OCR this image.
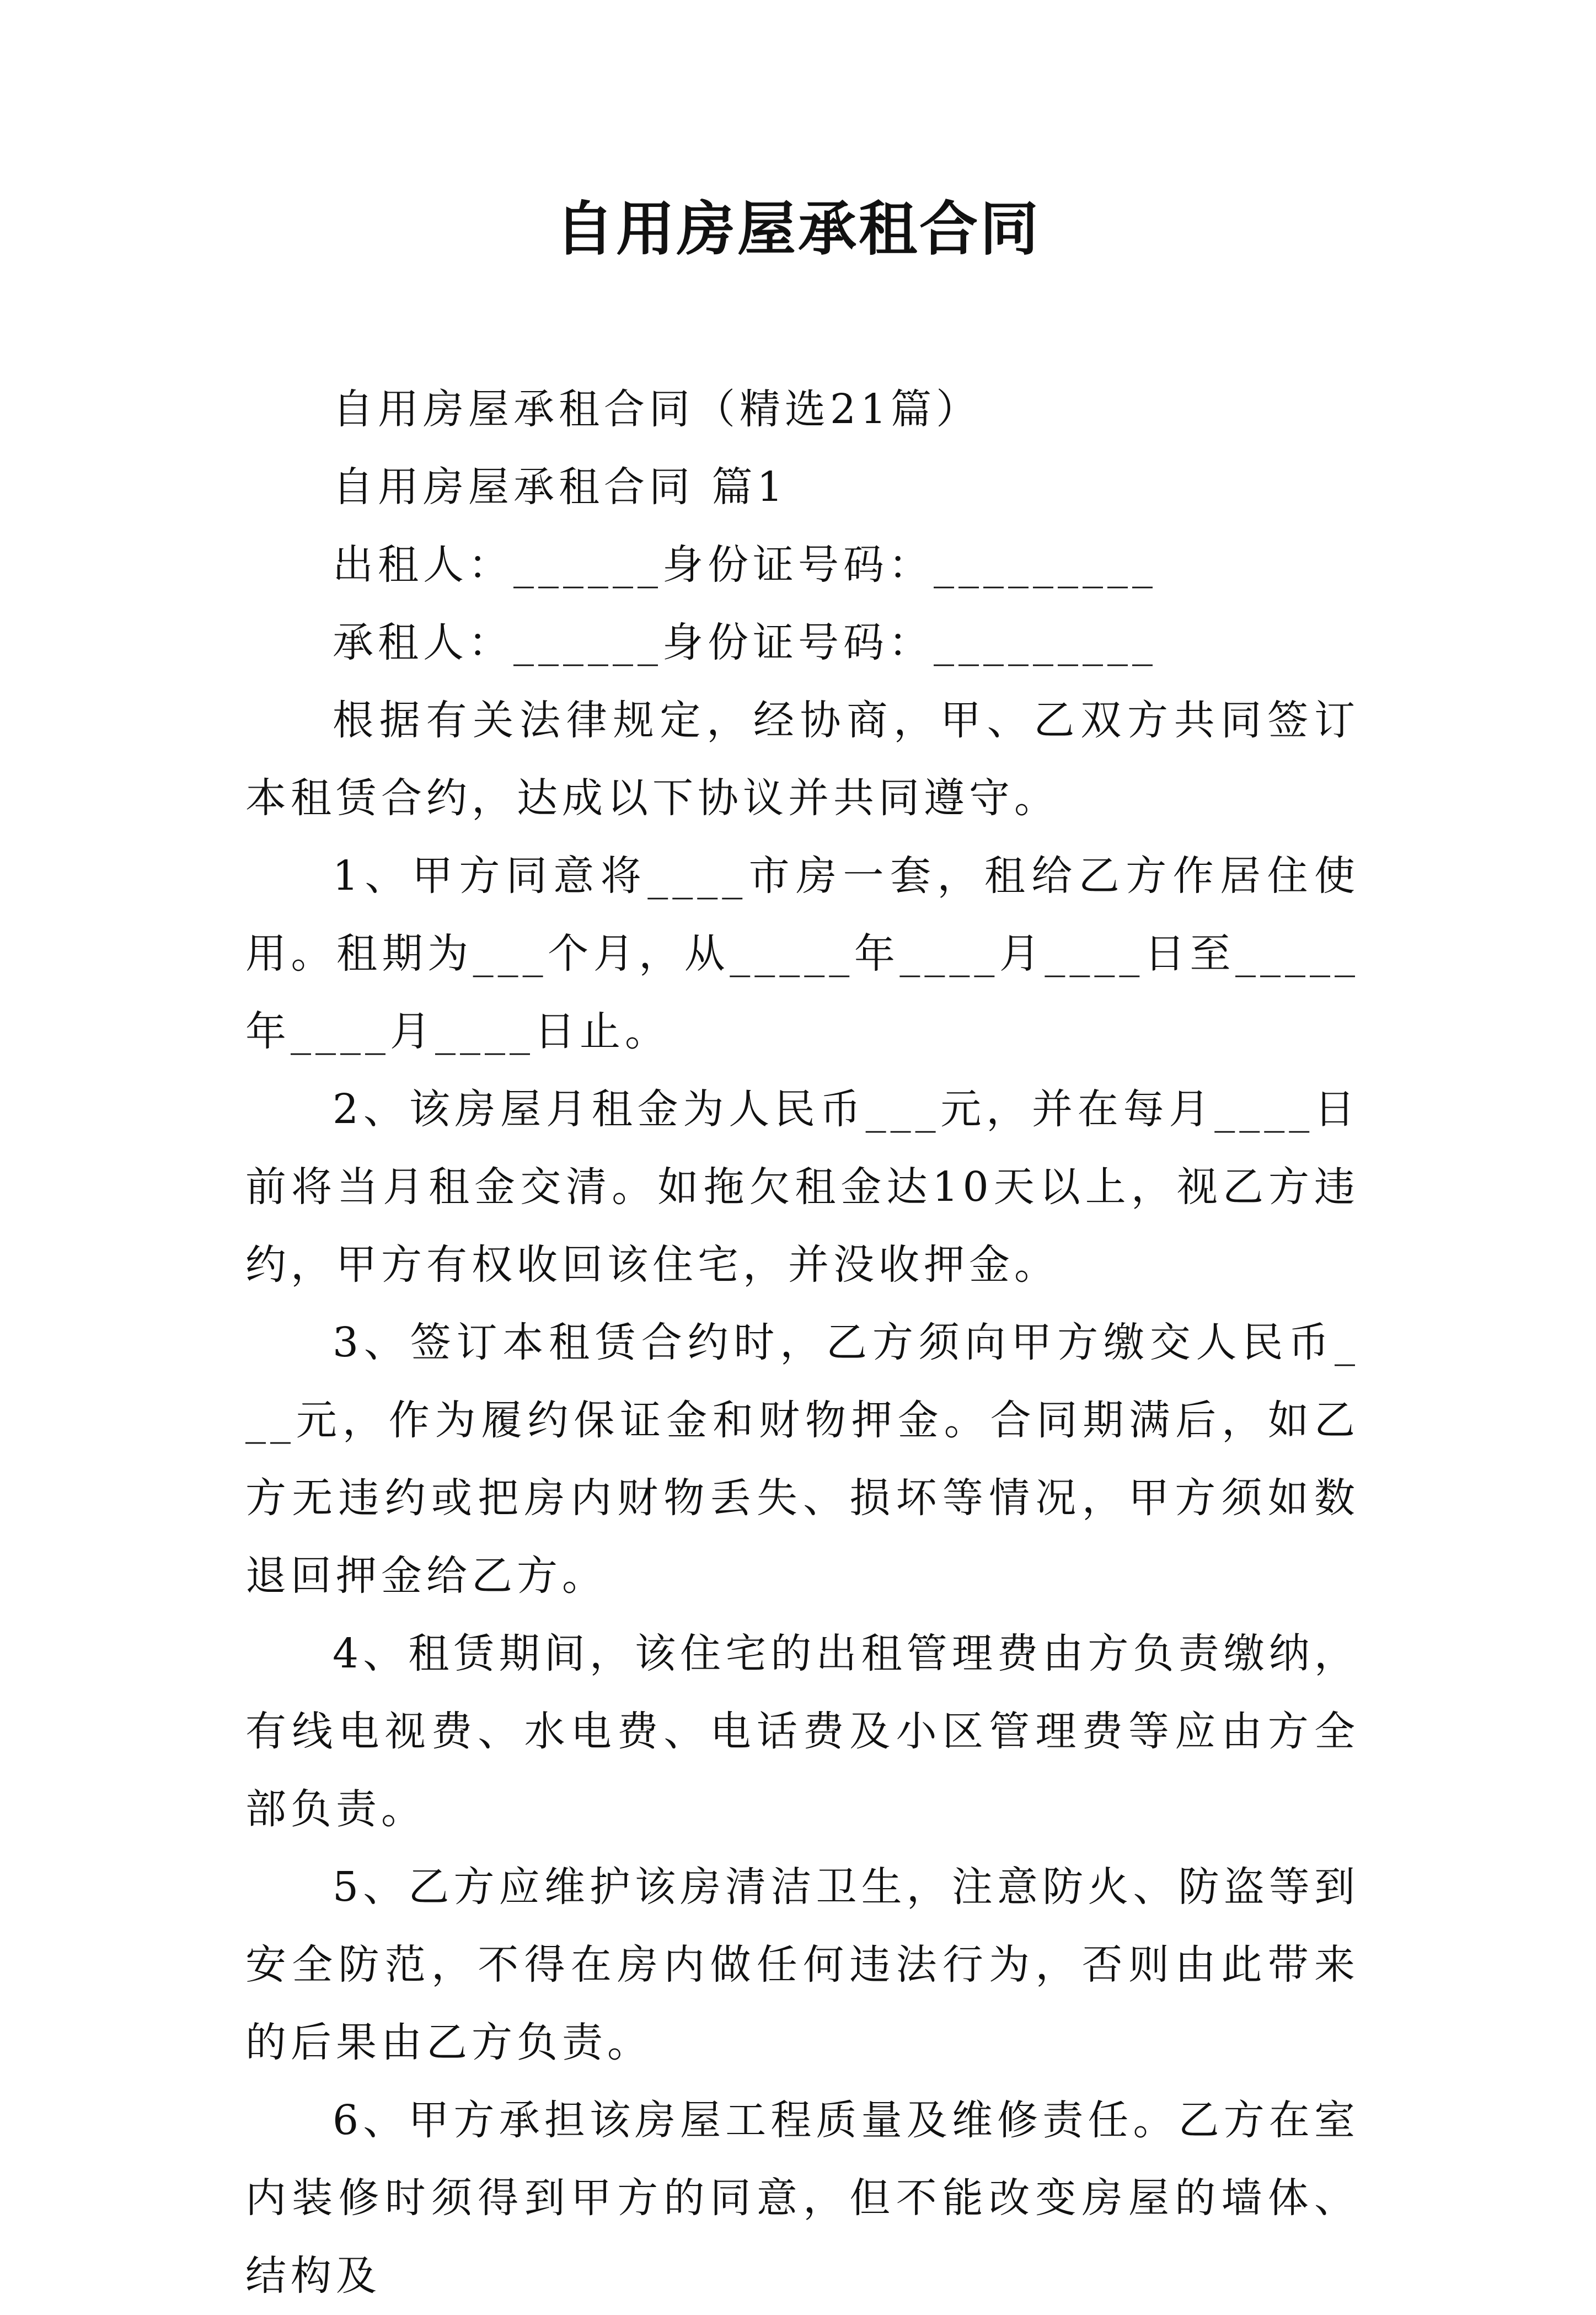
自用房屋承租合同

自用房屋承租合同（精选21篇）

自用房屋承租合同 篇1

出租人：______身份证号码：_________

承租人：______身份证号码：_________

根据有关法律规定，经协商，甲、乙双方共同签订本租赁合约，达成以下协议并共同遵守。

1、甲方同意将____市房一套，租给乙方作居住使用。租期为___个月，从_____年____月____日至_____年____月____日止。

2、该房屋月租金为人民币___元，并在每月____日前将当月租金交清。如拖欠租金达10天以上，视乙方违约，甲方有权收回该住宅，并没收押金。

3、签订本租赁合约时，乙方须向甲方缴交人民币___元，作为履约保证金和财物押金。合同期满后，如乙方无违约或把房内财物丢失、损坏等情况，甲方须如数退回押金给乙方。

4、租赁期间，该住宅的出租管理费由方负责缴纳，有线电视费、水电费、电话费及小区管理费等应由方全部负责。

5、乙方应维护该房清洁卫生，注意防火、防盗等到安全防范，不得在房内做任何违法行为，否则由此带来的后果由乙方负责。

6、甲方承担该房屋工程质量及维修责任。乙方在室内装修时须得到甲方的同意，但不能改变房屋的墙体、结构及
